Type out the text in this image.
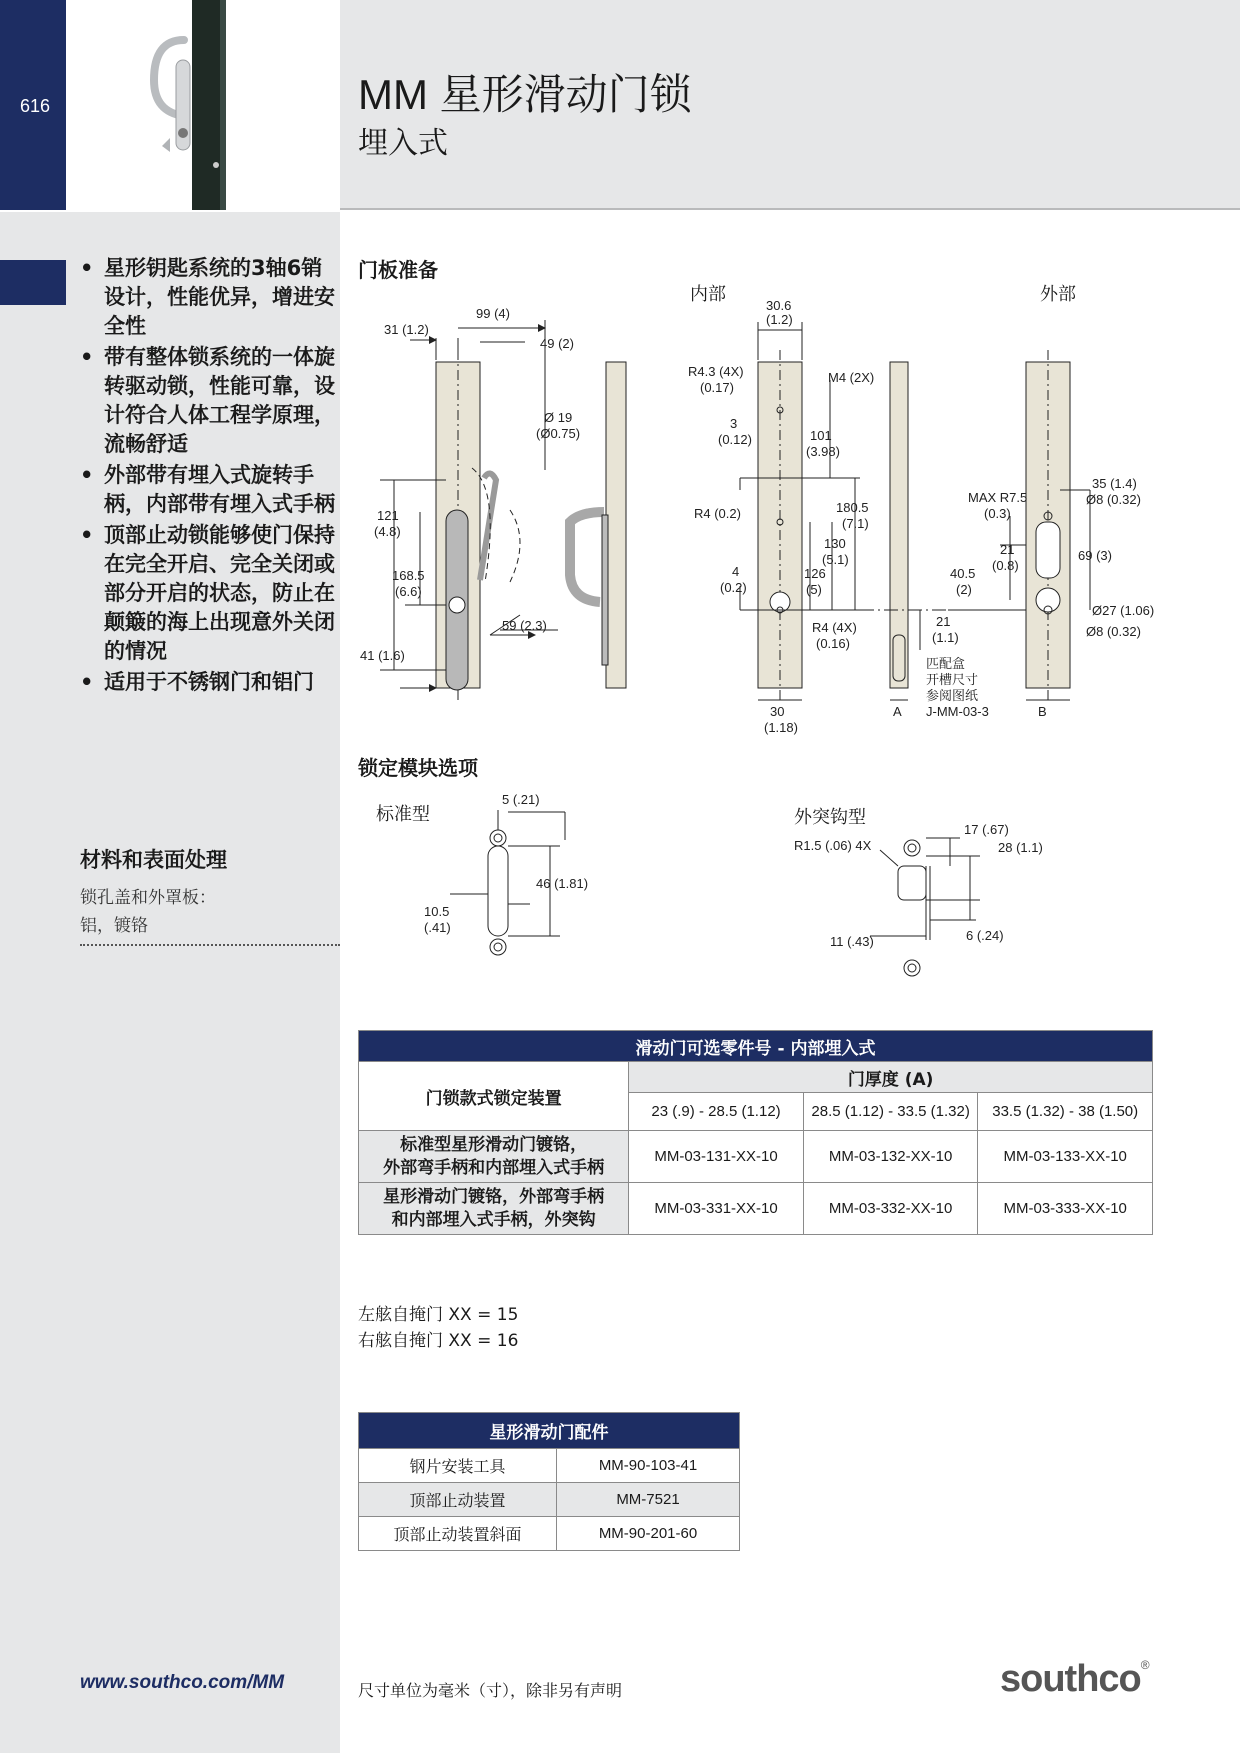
616	MM 星形滑动门锁
埋入式
• 星形钥匙系统的3轴6销设计，性能优异，增进安全性
• 带有整体锁系统的一体旋转驱动锁，性能可靠，设计符合人体工程学原理，流畅舒适
• 外部带有埋入式旋转手柄，内部带有埋入式手柄
• 顶部止动锁能够使门保持在完全开启、完全关闭或部分开启的状态，防止在颠簸的海上出现意外关闭的情况
• 适用于不锈钢门和铝门
材料和表面处理
锁孔盖和外罩板：
铝，镀铬
www.southco.com/MM
门板准备
内部	外部
31 (1.2)
99 (4)
49 (2)
Ø 19
(Ø0.75)
121
(4.8)
168.5
(6.6)
41 (1.6)
59 (2.3)
30.6
(1.2)
R4.3 (4X)
(0.17)
M4 (2X)
3
(0.12)	101
(3.98)
R4 (0.2)	180.5
(7.1)
130
(5.1)
126
(5)
4
(0.2)
R4 (4X)
(0.16)
30
(1.18)
MAX R7.5
(0.3)
35 (1.4)
Ø8 (0.32)
21
(0.8)
69 (3)
40.5
(2)
21
(1.1)
Ø27 (1.06)
Ø8 (0.32)
匹配盒
开槽尺寸
参阅图纸
J-MM-03-3
A	B
锁定模块选项
标准型	外突钩型
5 (.21)
46 (1.81)
10.5
(.41)
R1.5 (.06) 4X
17 (.67)
28 (1.1)
6 (.24)
11 (.43)
滑动门可选零件号 - 内部埋入式			
门锁款式锁定装置	门厚度 (A)		
	23 (.9) - 28.5 (1.12)	28.5 (1.12) - 33.5 (1.32)	33.5 (1.32) - 38 (1.50)

标准型星形滑动门镀铬，
外部弯手柄和内部埋入式手柄	MM-03-131-XX-10	MM-03-132-XX-10	MM-03-133-XX-10

星形滑动门镀铬，外部弯手柄
和内部埋入式手柄，外突钩	MM-03-331-XX-10	MM-03-332-XX-10	MM-03-333-XX-10
左舷自掩门 XX = 15
右舷自掩门 XX = 16
星形滑动门配件	
钢片安装工具	MM-90-103-41
顶部止动装置	MM-7521
顶部止动装置斜面	MM-90-201-60
尺寸单位为毫米（寸），除非另有声明	southco®
